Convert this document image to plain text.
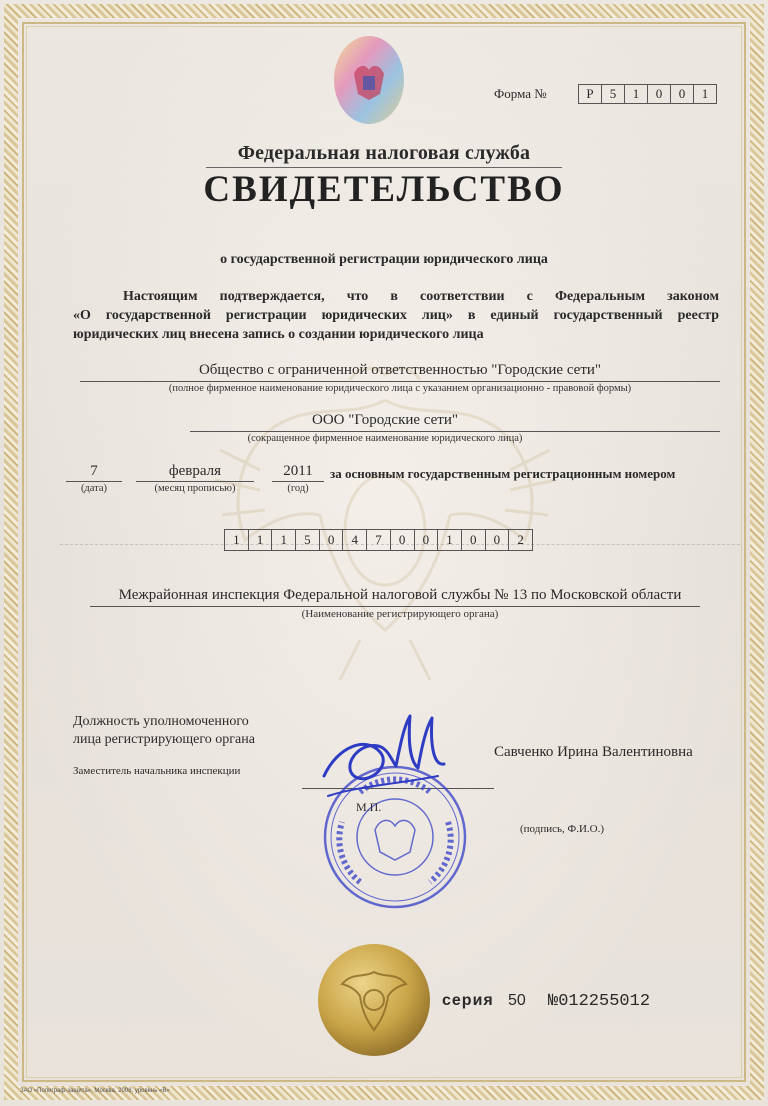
Форма №	Р	5	1	0	0	1
Федеральная налоговая служба
СВИДЕТЕЛЬСТВО
о государственной регистрации юридического лица
Настоящим подтверждается, что в соответствии с Федеральным законом
«О государственной регистрации юридических лиц» в единый государственный реестр
юридических лиц внесена запись о создании юридического лица
Общество с ограниченной ответственностью "Городские сети"
(полное фирменное наименование юридического лица с указанием организационно - правовой формы)
ООО "Городские сети"
(сокращенное фирменное наименование юридического лица)
7
(дата)
февраля
(месяц прописью)
2011
(год)
за основным государственным регистрационным номером
1	1	1	5	0	4	7	0	0	1	0	0	2
Межрайонная инспекция Федеральной налоговой службы № 13 по Московской области
(Наименование регистрирующего органа)
Должность уполномоченного
лица регистрирующего органа
Заместитель начальника инспекции
Савченко Ирина Валентиновна
М.П.
(подпись, Ф.И.О.)
серия 50 №012255012
ЗАО «Полиграф-защита», Москва, 2008, уровень «В»
